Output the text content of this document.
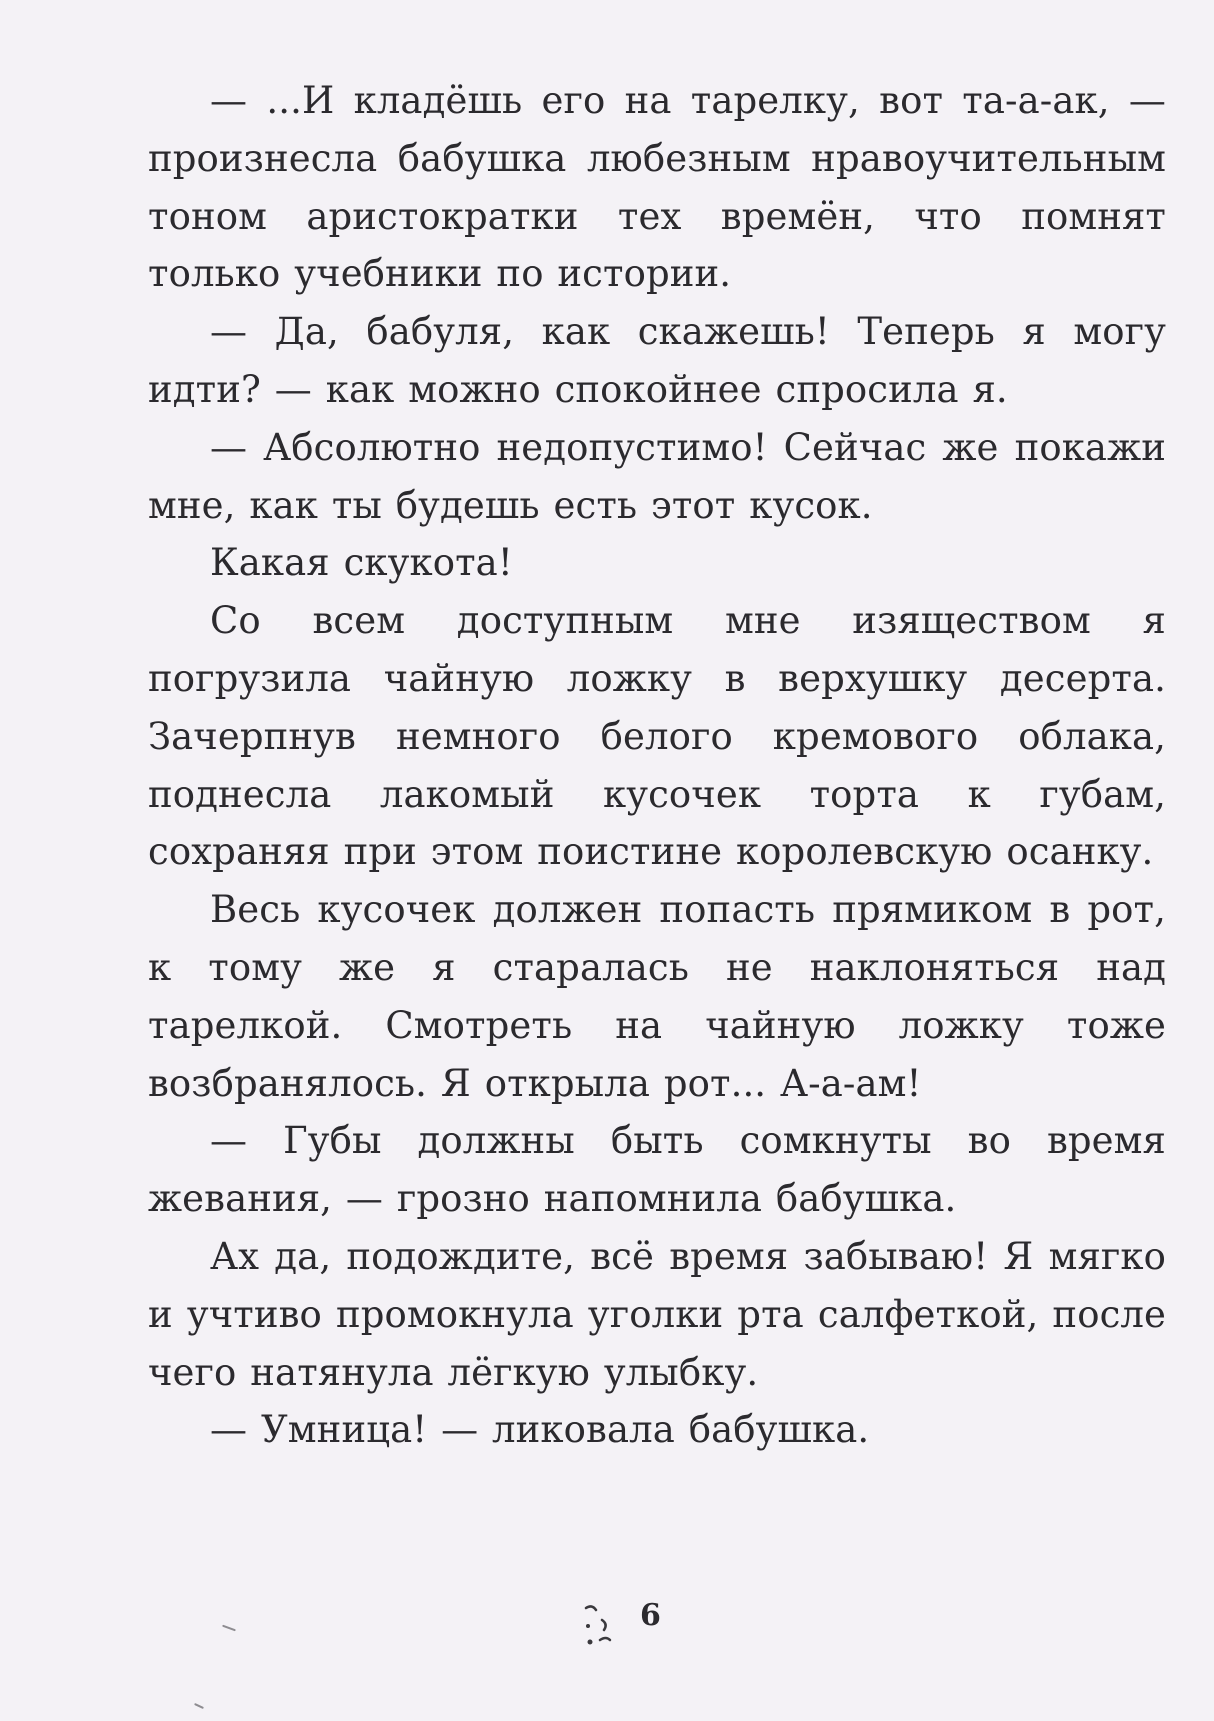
— ...И кладёшь его на тарелку, вот та-а-ак, — произнесла бабушка любезным нравоучительным тоном аристократки тех времён, что помнят только учебники по истории.

— Да, бабуля, как скажешь! Теперь я могу идти? — как можно спокойнее спросила я.

— Абсолютно недопустимо! Сейчас же покажи мне, как ты будешь есть этот кусок.

Какая скукота!

Со всем доступным мне изяществом я погрузила чайную ложку в верхушку десерта. Зачерпнув немного белого кремового облака, поднесла лакомый кусочек торта к губам, сохраняя при этом поистине королевскую осанку.

Весь кусочек должен попасть прямиком в рот, к тому же я старалась не наклоняться над тарелкой. Смотреть на чайную ложку тоже возбранялось. Я открыла рот... А-а-ам!

— Губы должны быть сомкнуты во время жевания, — грозно напомнила бабушка.

Ах да, подождите, всё время забываю! Я мягко и учтиво промокнула уголки рта салфеткой, после чего натянула лёгкую улыбку.

— Умница! — ликовала бабушка.

6
